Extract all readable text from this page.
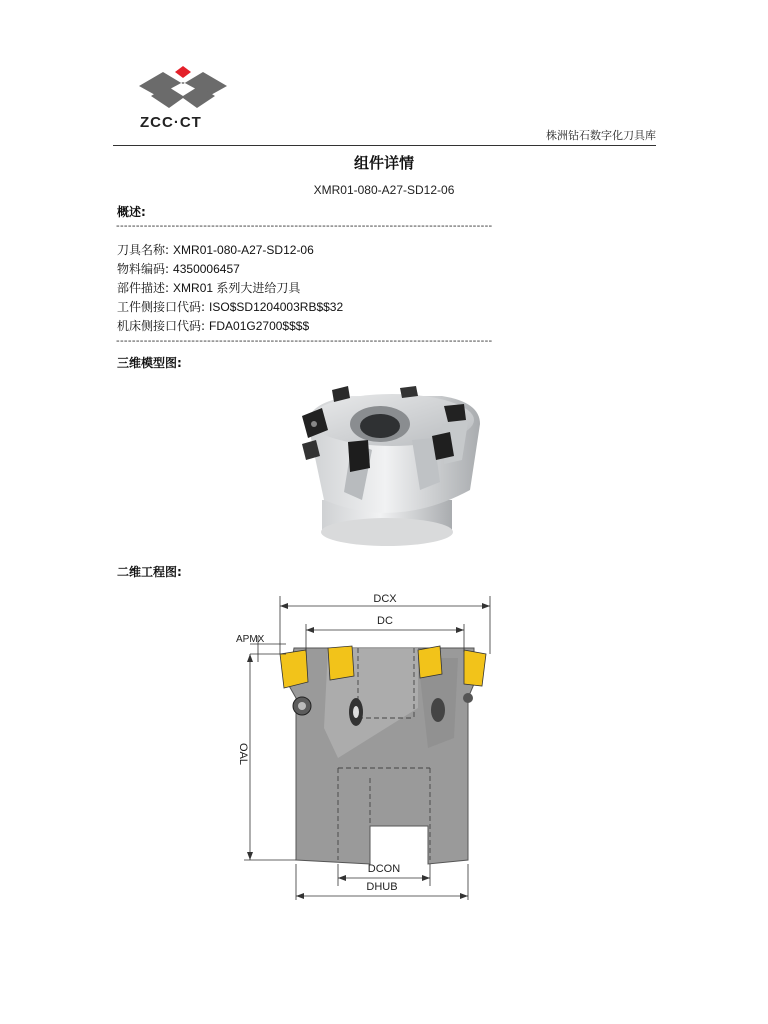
ZCC·CT
株洲钻石数字化刀具库
组件详情
XMR01-080-A27-SD12-06
概述:
-----------------------------------------------------------------------------------------------
刀具名称: XMR01-080-A27-SD12-06
物料编码: 4350006457
部件描述: XMR01 系列大进给刀具
工件侧接口代码: ISO$SD1204003RB$$32
机床侧接口代码: FDA01G2700$$$$
-----------------------------------------------------------------------------------------------
三维模型图:
二维工程图:
DCX
DC
APMX
OAL
DCON
DHUB
